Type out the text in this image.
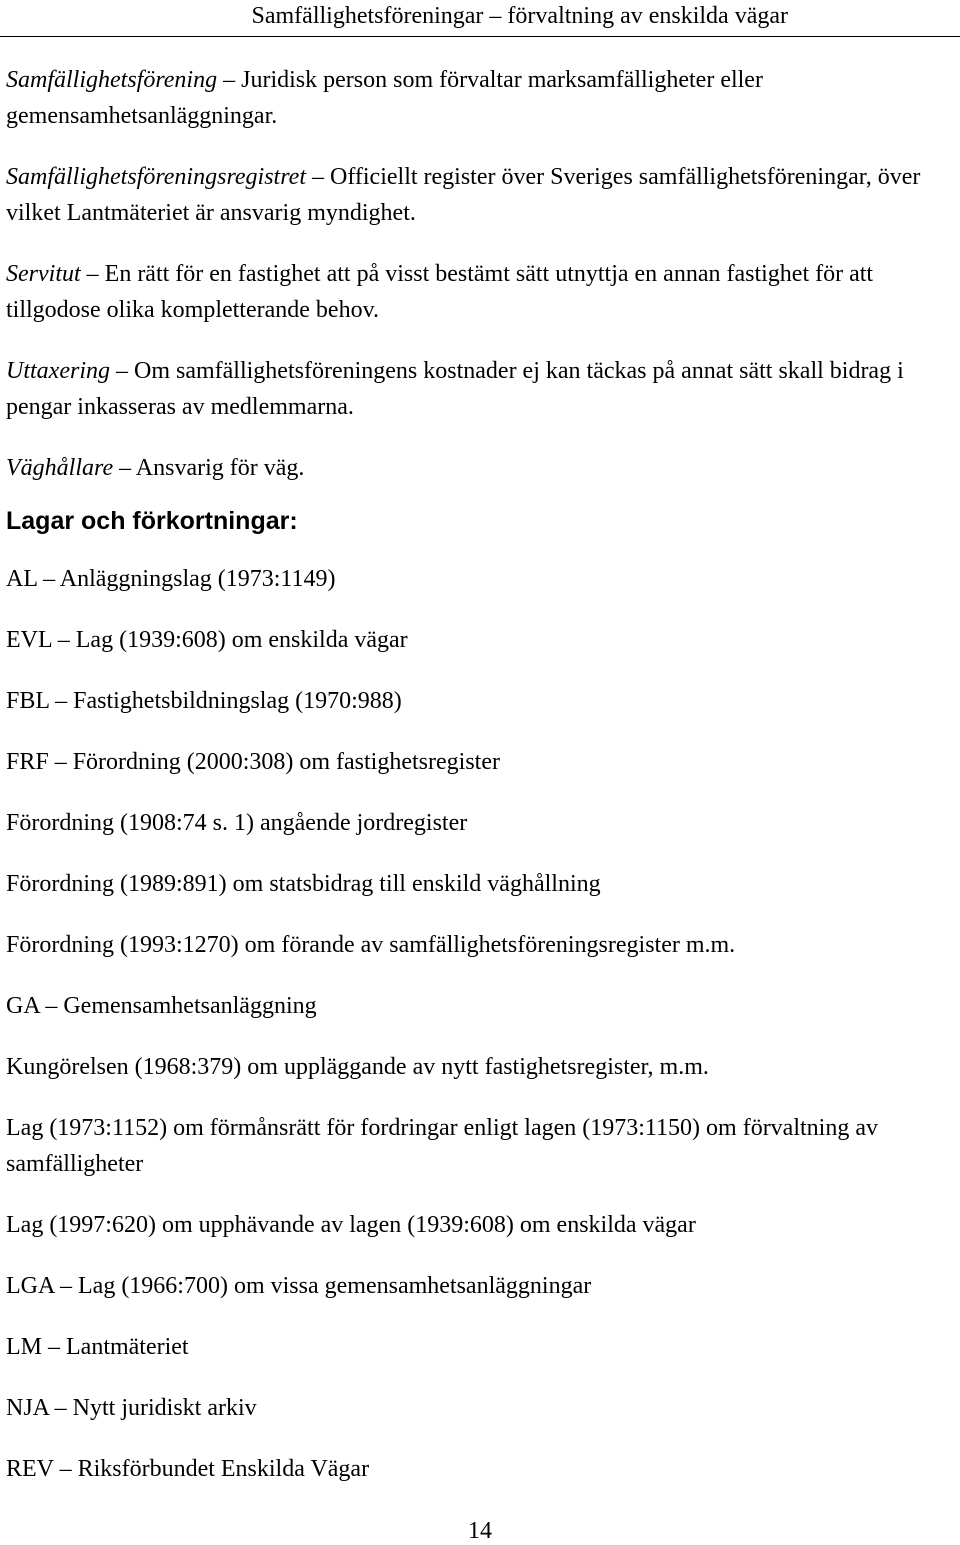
Samfällighetsföreningar – förvaltning av enskilda vägar

Samfällighetsförening – Juridisk person som förvaltar marksamfälligheter eller gemensamhetsanläggningar.

Samfällighetsföreningsregistret – Officiellt register över Sveriges samfällighetsföreningar, över vilket Lantmäteriet är ansvarig myndighet.

Servitut – En rätt för en fastighet att på visst bestämt sätt utnyttja en annan fastighet för att tillgodose olika kompletterande behov.

Uttaxering – Om samfällighetsföreningens kostnader ej kan täckas på annat sätt skall bidrag i pengar inkasseras av medlemmarna.

Väghållare – Ansvarig för väg.

Lagar och förkortningar:
AL – Anläggningslag (1973:1149)
EVL – Lag (1939:608) om enskilda vägar
FBL – Fastighetsbildningslag (1970:988)
FRF – Förordning (2000:308) om fastighetsregister
Förordning (1908:74 s. 1) angående jordregister
Förordning (1989:891) om statsbidrag till enskild väghållning
Förordning (1993:1270) om förande av samfällighetsföreningsregister m.m.
GA – Gemensamhetsanläggning
Kungörelsen (1968:379) om uppläggande av nytt fastighetsregister, m.m.
Lag (1973:1152) om förmånsrätt för fordringar enligt lagen (1973:1150) om förvaltning av samfälligheter
Lag (1997:620) om upphävande av lagen (1939:608) om enskilda vägar
LGA – Lag (1966:700) om vissa gemensamhetsanläggningar
LM – Lantmäteriet
NJA – Nytt juridiskt arkiv
REV – Riksförbundet Enskilda Vägar
14
